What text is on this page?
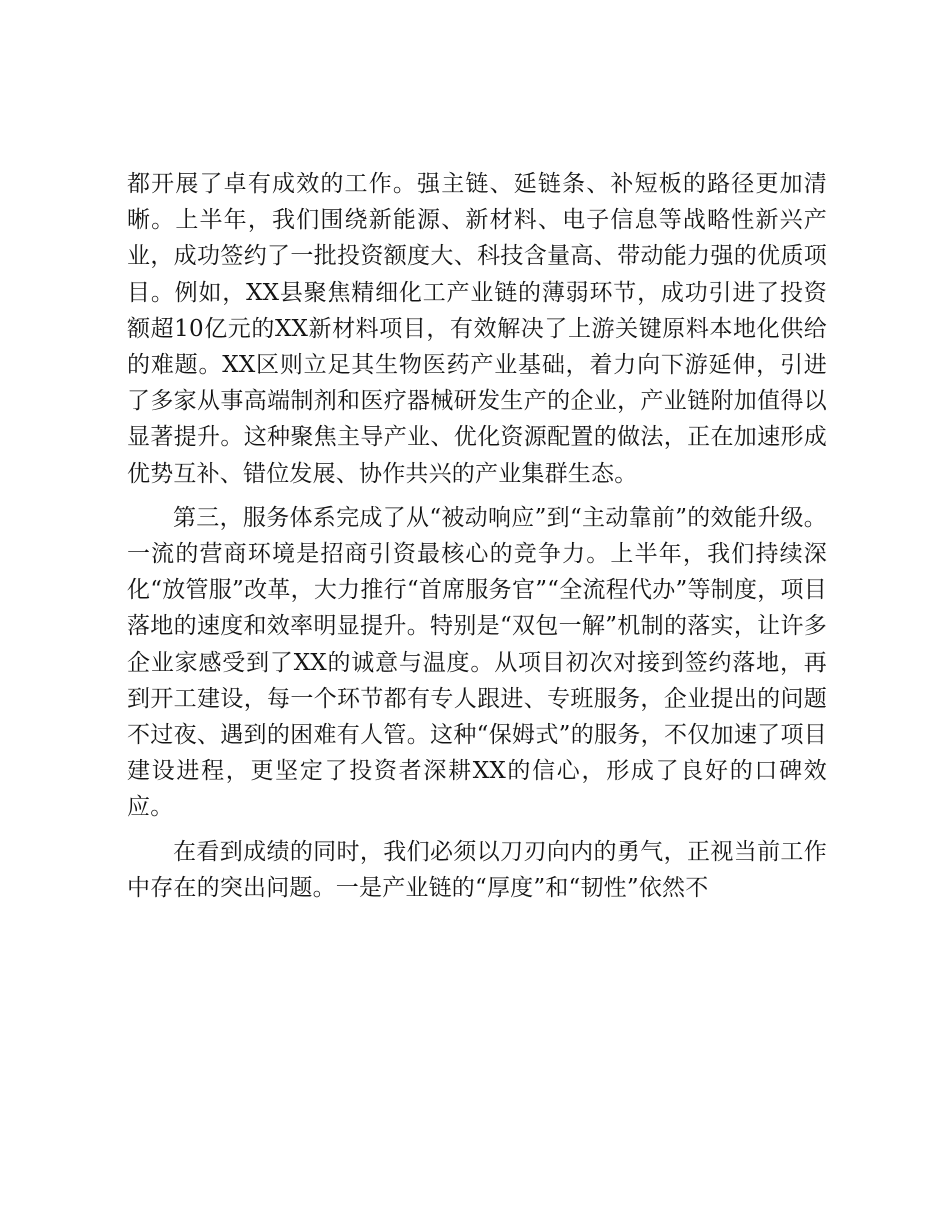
都开展了卓有成效的工作。强主链、延链条、补短板的路径更加清晰。上半年，我们围绕新能源、新材料、电子信息等战略性新兴产业，成功签约了一批投资额度大、科技含量高、带动能力强的优质项目。例如，XX县聚焦精细化工产业链的薄弱环节，成功引进了投资额超10亿元的XX新材料项目，有效解决了上游关键原料本地化供给的难题。XX区则立足其生物医药产业基础，着力向下游延伸，引进了多家从事高端制剂和医疗器械研发生产的企业，产业链附加值得以显著提升。这种聚焦主导产业、优化资源配置的做法，正在加速形成优势互补、错位发展、协作共兴的产业集群生态。

第三，服务体系完成了从“被动响应”到“主动靠前”的效能升级。一流的营商环境是招商引资最核心的竞争力。上半年，我们持续深化“放管服”改革，大力推行“首席服务官”“全流程代办”等制度，项目落地的速度和效率明显提升。特别是“双包一解”机制的落实，让许多企业家感受到了XX的诚意与温度。从项目初次对接到签约落地，再到开工建设，每一个环节都有专人跟进、专班服务，企业提出的问题不过夜、遇到的困难有人管。这种“保姆式”的服务，不仅加速了项目建设进程，更坚定了投资者深耕XX的信心，形成了良好的口碑效应。

在看到成绩的同时，我们必须以刀刃向内的勇气，正视当前工作中存在的突出问题。一是产业链的“厚度”和“韧性”依然不
